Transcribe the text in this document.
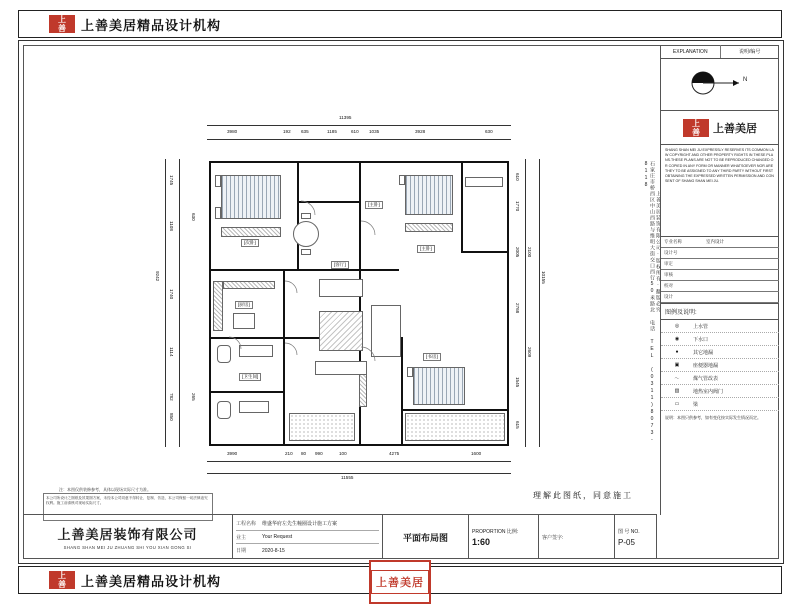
上
善 上善美居精品设计机构
上
善 上善美居精品设计机构
石家庄市桥西区中山西路与维明大街交口西行50米路北 电话 TEL (0311)8073-8118
上善美居装饰有限公司·版权所有·翻版必究
EXPLANATION	说明/编号
N
上
善 上善美居
SHANG SHAN MEI JU EXPRESSLY RESERVES ITS COMMON LAW COPYRIGHT AND OTHER PROPERTY RIGHTS IN THESE PLANS.THESE PLANS ARE NOT TO BE REPRODUCED CHANGED OR COPIED IN ANY FORM OR MANNER WHATSOEVER NOR ARE THEY TO BE ASSIGNED TO ANY THIRD PARTY WITHOUT FIRST OBTAINING THE EXPRESSED WRITTEN PERMISSION AND CONSENT OF SHANG SHAN MEI JU.
专业名称	室内设计
设计号
审定
审核
校对
设计
图例及说明:
◎	上水管
◉	下水口
●	其它地漏
▣	座便器地漏
〜	煤气管改表
▥	地热室内阀门
▭	梁
说明：本图只供参考，如有变化按实际发生情况而定。
[次卧]
[主卧]
[主卧]
[厨房]
[客厅]
[卫生间]
[书房]
11395
3980	192 635	1185	610 1035	3928	630
3990	210 80 990	100	4275	1600
11555
9242
1745
1108
1740
1114
782
850
630
265
10155
610
1770
2005 2100
2768
1545
615
2609
注：本图仅供装修参考，具体以现场实际尺寸为准。
本公司所设计之图纸及效果图方案，未经本公司同意不得转让、复制、仿造，本公司保留一切法律追究权利。施工前请核对现场实际尺寸。
理解此图纸，同意施工
上善美居装饰有限公司
SHANG SHAN MEI JU ZHUANG SHI YOU XIAN GONG SI
工程名称	维盛华府左先生幢圈设计施工方案
业主	Your Request
日期	2020-8-15
平面布局图
PROPORTION 比例:
1:60	客户签字:
图 号 NO.
P-05
上善美居
